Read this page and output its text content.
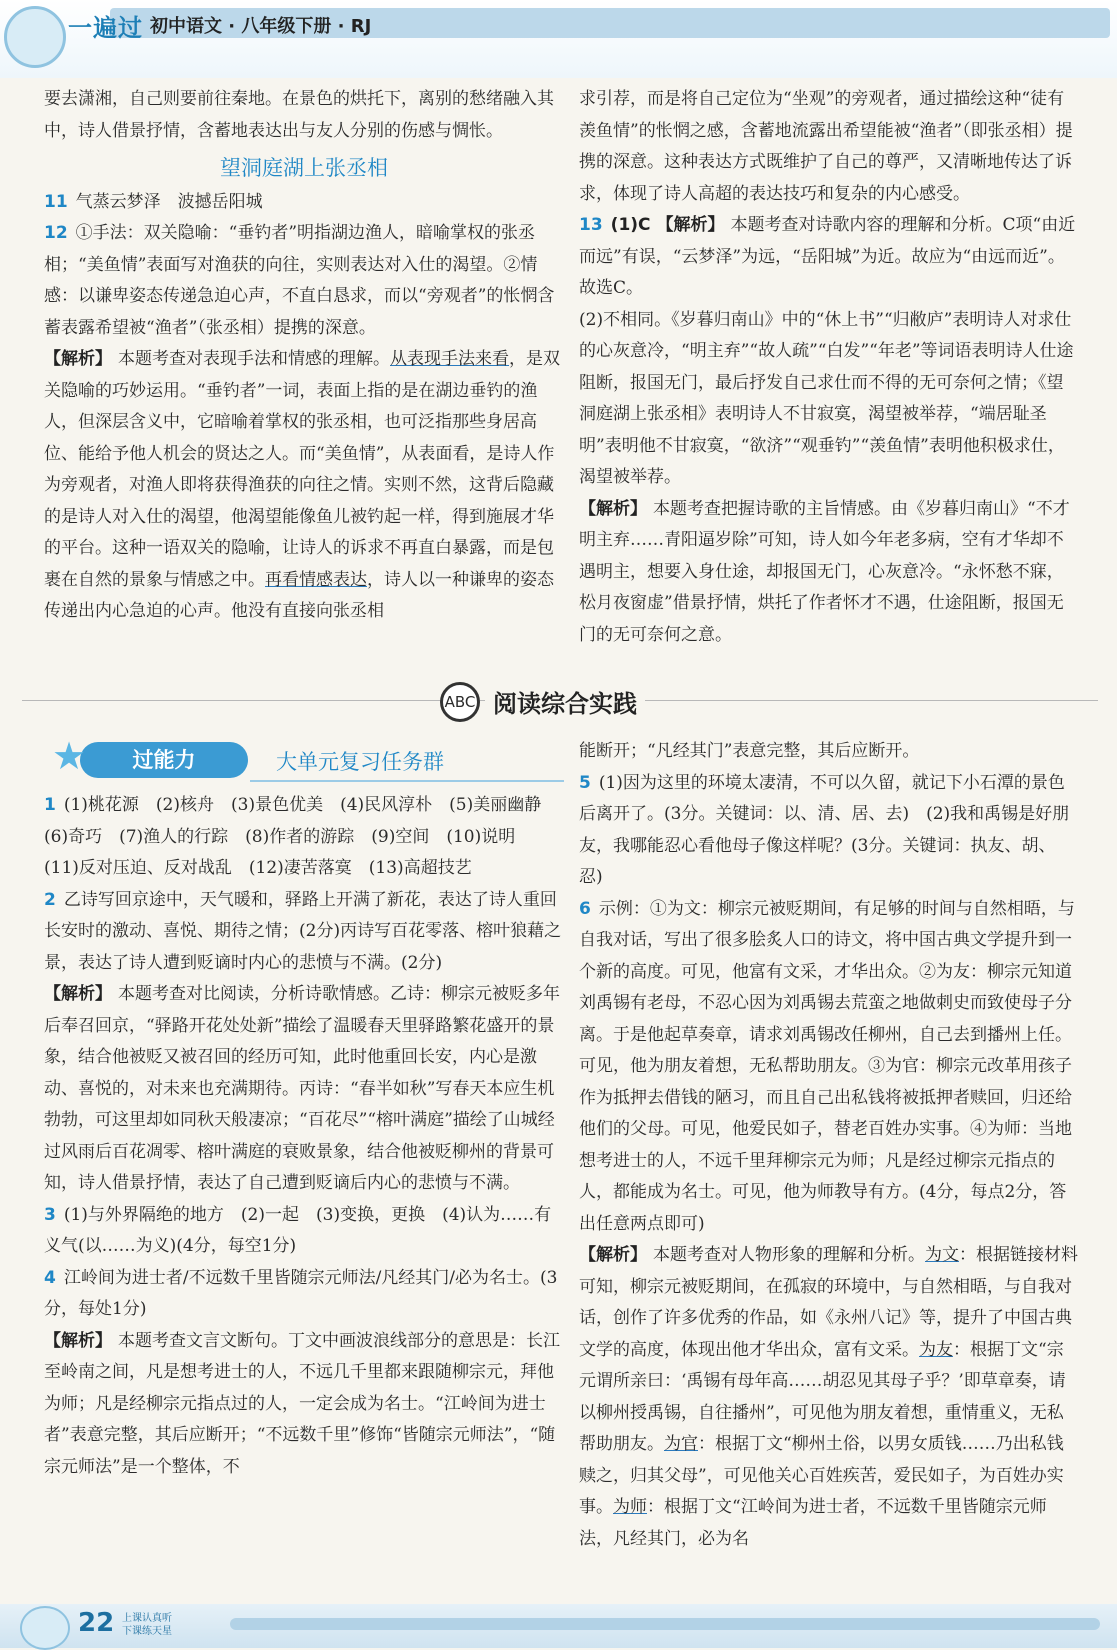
一遍过 初中语文 · 八年级下册 · RJ

要去潇湘，自己则要前往秦地。在景色的烘托下，离别的愁绪融入其中，诗人借景抒情，含蓄地表达出与友人分别的伤感与惆怅。

望洞庭湖上张丞相

11 气蒸云梦泽　波撼岳阳城

12 ①手法：双关隐喻：“垂钓者”明指湖边渔人，暗喻掌权的张丞相；“美鱼情”表面写对渔获的向往，实则表达对入仕的渴望。②情感：以谦卑姿态传递急迫心声，不直白恳求，而以“旁观者”的怅惘含蓄表露希望被“渔者”（张丞相）提携的深意。

【解析】 本题考查对表现手法和情感的理解。从表现手法来看，是双关隐喻的巧妙运用。“垂钓者”一词，表面上指的是在湖边垂钓的渔人，但深层含义中，它暗喻着掌权的张丞相，也可泛指那些身居高位、能给予他人机会的贤达之人。而“美鱼情”，从表面看，是诗人作为旁观者，对渔人即将获得渔获的向往之情。实则不然，这背后隐藏的是诗人对入仕的渴望，他渴望能像鱼儿被钓起一样，得到施展才华的平台。这种一语双关的隐喻，让诗人的诉求不再直白暴露，而是包裹在自然的景象与情感之中。再看情感表达，诗人以一种谦卑的姿态传递出内心急迫的心声。他没有直接向张丞相

求引荐，而是将自己定位为“坐观”的旁观者，通过描绘这种“徒有羡鱼情”的怅惘之感，含蓄地流露出希望能被“渔者”（即张丞相）提携的深意。这种表达方式既维护了自己的尊严，又清晰地传达了诉求，体现了诗人高超的表达技巧和复杂的内心感受。

13 (1)C 【解析】 本题考查对诗歌内容的理解和分析。C项“由近而远”有误，“云梦泽”为远，“岳阳城”为近。故应为“由远而近”。故选C。

(2)不相同。《岁暮归南山》中的“休上书”“归敝庐”表明诗人对求仕的心灰意冷，“明主弃”“故人疏”“白发”“年老”等词语表明诗人仕途阻断，报国无门，最后抒发自己求仕而不得的无可奈何之情；《望洞庭湖上张丞相》表明诗人不甘寂寞，渴望被举荐，“端居耻圣明”表明他不甘寂寞，“欲济”“观垂钓”“羡鱼情”表明他积极求仕，渴望被举荐。

【解析】 本题考查把握诗歌的主旨情感。由《岁暮归南山》“不才明主弃……青阳逼岁除”可知，诗人如今年老多病，空有才华却不遇明主，想要入身仕途，却报国无门，心灰意冷。“永怀愁不寐，松月夜窗虚”借景抒情，烘托了作者怀才不遇，仕途阻断，报国无门的无可奈何之意。

ABC 阅读综合实践
过能力
★	大单元复习任务群

1 (1)桃花源　(2)核舟　(3)景色优美　(4)民风淳朴　(5)美丽幽静　(6)奇巧　(7)渔人的行踪　(8)作者的游踪　(9)空间　(10)说明　(11)反对压迫、反对战乱　(12)凄苦落寞　(13)高超技艺

2 乙诗写回京途中，天气暖和，驿路上开满了新花，表达了诗人重回长安时的激动、喜悦、期待之情；(2分)丙诗写百花零落、榕叶狼藉之景，表达了诗人遭到贬谪时内心的悲愤与不满。(2分)

【解析】 本题考查对比阅读，分析诗歌情感。乙诗：柳宗元被贬多年后奉召回京，“驿路开花处处新”描绘了温暖春天里驿路繁花盛开的景象，结合他被贬又被召回的经历可知，此时他重回长安，内心是激动、喜悦的，对未来也充满期待。丙诗：“春半如秋”写春天本应生机勃勃，可这里却如同秋天般凄凉；“百花尽”“榕叶满庭”描绘了山城经过风雨后百花凋零、榕叶满庭的衰败景象，结合他被贬柳州的背景可知，诗人借景抒情，表达了自己遭到贬谪后内心的悲愤与不满。

3 (1)与外界隔绝的地方　(2)一起　(3)变换，更换　(4)认为……有义气(以……为义)(4分，每空1分)

4 江岭间为进士者/不远数千里皆随宗元师法/凡经其门/必为名士。(3分，每处1分)

【解析】 本题考查文言文断句。丁文中画波浪线部分的意思是：长江至岭南之间，凡是想考进士的人，不远几千里都来跟随柳宗元，拜他为师；凡是经柳宗元指点过的人，一定会成为名士。“江岭间为进士者”表意完整，其后应断开；“不远数千里”修饰“皆随宗元师法”，“随宗元师法”是一个整体，不

能断开；“凡经其门”表意完整，其后应断开。

5 (1)因为这里的环境太凄清，不可以久留，就记下小石潭的景色后离开了。(3分。关键词：以、清、居、去)　(2)我和禹锡是好朋友，我哪能忍心看他母子像这样呢？(3分。关键词：执友、胡、忍)

6 示例：①为文：柳宗元被贬期间，有足够的时间与自然相晤，与自我对话，写出了很多脍炙人口的诗文，将中国古典文学提升到一个新的高度。可见，他富有文采，才华出众。②为友：柳宗元知道刘禹锡有老母，不忍心因为刘禹锡去荒蛮之地做刺史而致使母子分离。于是他起草奏章，请求刘禹锡改任柳州，自己去到播州上任。可见，他为朋友着想，无私帮助朋友。③为官：柳宗元改革用孩子作为抵押去借钱的陋习，而且自己出私钱将被抵押者赎回，归还给他们的父母。可见，他爱民如子，替老百姓办实事。④为师：当地想考进士的人，不远千里拜柳宗元为师；凡是经过柳宗元指点的人，都能成为名士。可见，他为师教导有方。(4分，每点2分，答出任意两点即可)

【解析】 本题考查对人物形象的理解和分析。为文：根据链接材料可知，柳宗元被贬期间，在孤寂的环境中，与自然相晤，与自我对话，创作了许多优秀的作品，如《永州八记》等，提升了中国古典文学的高度，体现出他才华出众，富有文采。为友：根据丁文“宗元谓所亲曰：‘禹锡有母年高……胡忍见其母子乎？’即草章奏，请以柳州授禹锡，自往播州”，可见他为朋友着想，重情重义，无私帮助朋友。为官：根据丁文“柳州土俗，以男女质钱……乃出私钱赎之，归其父母”，可见他关心百姓疾苦，爱民如子，为百姓办实事。为师：根据丁文“江岭间为进士者，不远数千里皆随宗元师法，凡经其门，必为名

22 上课认真听
下课练天星
